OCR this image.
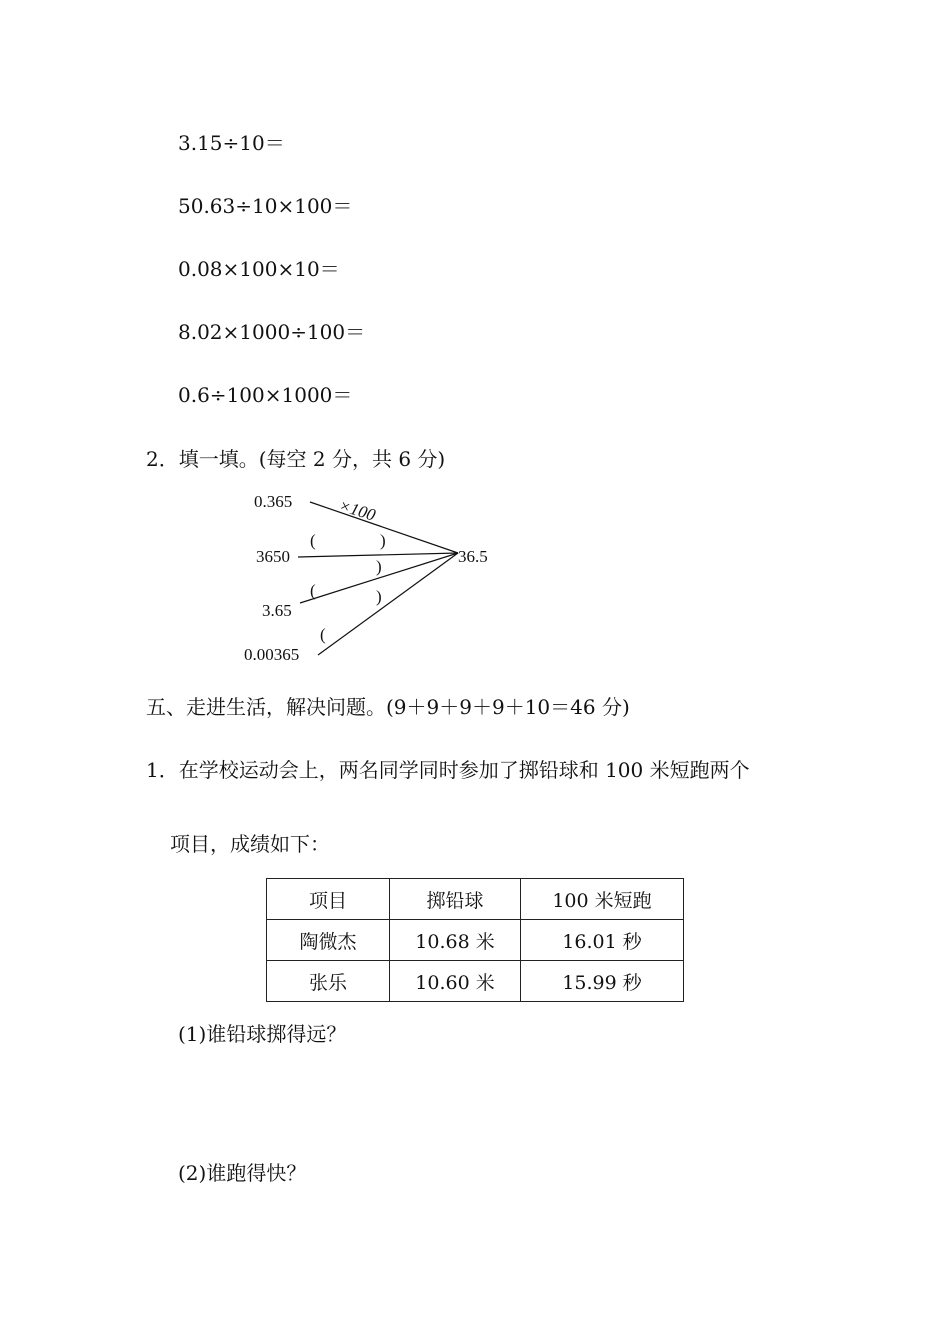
3.15÷10＝
50.63÷10×100＝
0.08×100×10＝
8.02×1000÷100＝
0.6÷100×1000＝
2．填一填。(每空 2 分，共 6 分)
0.365
3650
3.65
0.00365
36.5
×100
(	)
(
)
(
)
五、走进生活，解决问题。(9＋9＋9＋9＋10＝46 分)
1．在学校运动会上，两名同学同时参加了掷铅球和 100 米短跑两个
项目，成绩如下：
项目	掷铅球	100 米短跑
陶微杰	10.68 米	16.01 秒
张乐	10.60 米	15.99 秒
(1)谁铅球掷得远？
(2)谁跑得快？
